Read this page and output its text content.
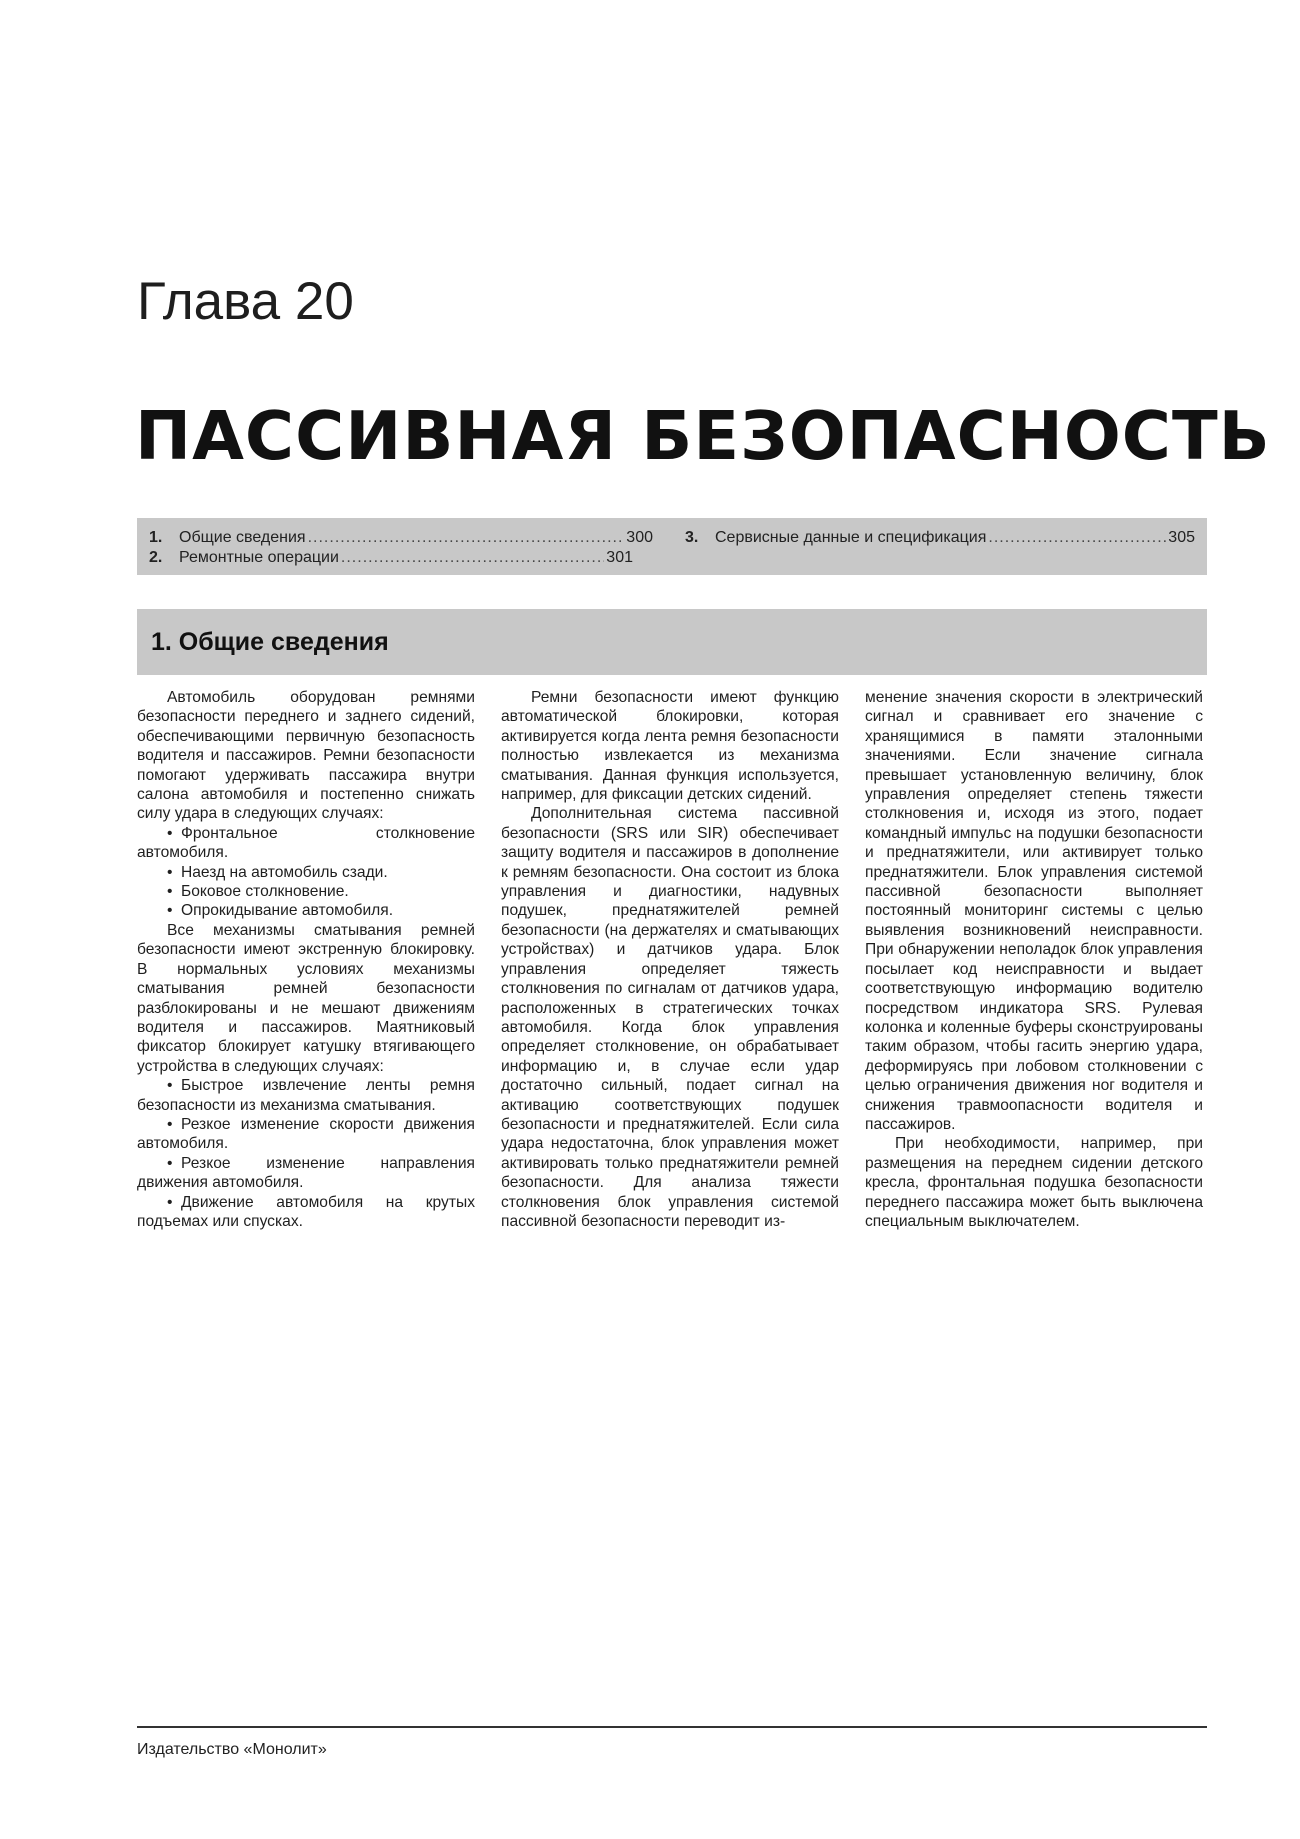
Глава 20
ПАССИВНАЯ БЕЗОПАСНОСТЬ
1.	Общие сведения .....	300
2.	Ремонтные операции .....	301
3.	Сервисные данные и спецификация .....	305
1. Общие сведения

Автомобиль оборудован ремнями безопасности переднего и заднего сидений, обеспечивающими первичную безопасность водителя и пассажиров. Ремни безопасности помогают удерживать пассажира внутри салона автомобиля и постепенно снижать силу удара в следующих случаях:

• Фронтальное столкновение автомобиля.
• Наезд на автомобиль сзади.
• Боковое столкновение.
• Опрокидывание автомобиля.

Все механизмы сматывания ремней безопасности имеют экстренную блокировку. В нормальных условиях механизмы сматывания ремней безопасности разблокированы и не мешают движениям водителя и пассажиров. Маятниковый фиксатор блокирует катушку втягивающего устройства в следующих случаях:

• Быстрое извлечение ленты ремня безопасности из механизма сматывания.
• Резкое изменение скорости движения автомобиля.
• Резкое изменение направления движения автомобиля.
• Движение автомобиля на крутых подъемах или спусках.

Ремни безопасности имеют функцию автоматической блокировки, которая активируется когда лента ремня безопасности полностью извлекается из механизма сматывания. Данная функция используется, например, для фиксации детских сидений.

Дополнительная система пассивной безопасности (SRS или SIR) обеспечивает защиту водителя и пассажиров в дополнение к ремням безопасности. Она состоит из блока управления и диагностики, надувных подушек, преднатяжителей ремней безопасности (на держателях и сматывающих устройствах) и датчиков удара. Блок управления определяет тяжесть столкновения по сигналам от датчиков удара, расположенных в стратегических точках автомобиля. Когда блок управления определяет столкновение, он обрабатывает информацию и, в случае если удар достаточно сильный, подает сигнал на активацию соответствующих подушек безопасности и преднатяжителей. Если сила удара недостаточна, блок управления может активировать только преднатяжители ремней безопасности. Для анализа тяжести столкновения блок управления системой пассивной безопасности переводит из-

менение значения скорости в электрический сигнал и сравнивает его значение с хранящимися в памяти эталонными значениями. Если значение сигнала превышает установленную величину, блок управления определяет степень тяжести столкновения и, исходя из этого, подает командный импульс на подушки безопасности и преднатяжители, или активирует только преднатяжители. Блок управления системой пассивной безопасности выполняет постоянный мониторинг системы с целью выявления возникновений неисправности. При обнаружении неполадок блок управления посылает код неисправности и выдает соответствующую информацию водителю посредством индикатора SRS. Рулевая колонка и коленные буферы сконструированы таким образом, чтобы гасить энергию удара, деформируясь при лобовом столкновении с целью ограничения движения ног водителя и снижения травмоопасности водителя и пассажиров.

При необходимости, например, при размещения на переднем сидении детского кресла, фронтальная подушка безопасности переднего пассажира может быть выключена специальным выключателем.

Издательство «Монолит»
